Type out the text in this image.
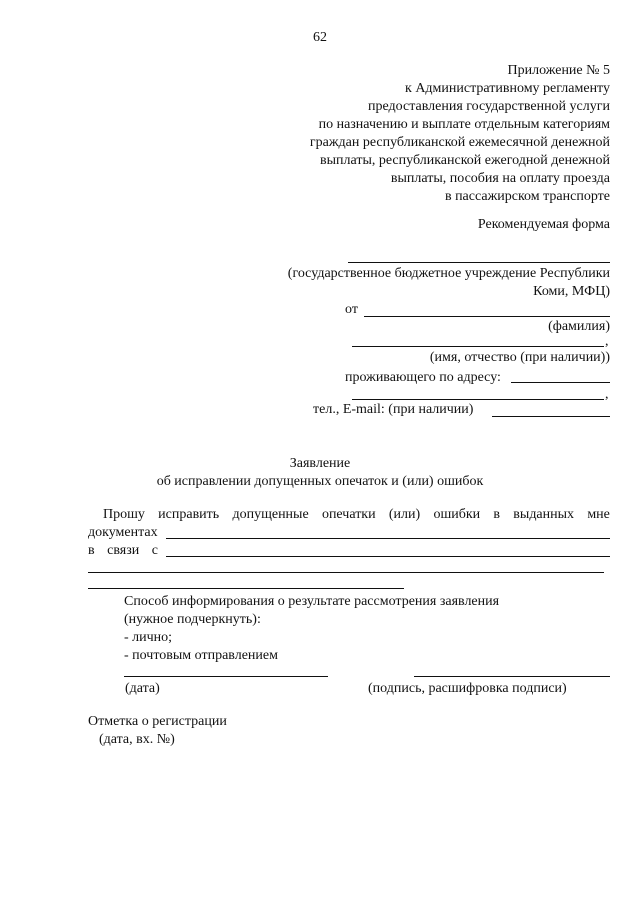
62
Приложение № 5
к Административному регламенту
предоставления государственной услуги
по назначению и выплате отдельным категориям
граждан республиканской ежемесячной денежной
выплаты, республиканской ежегодной денежной
выплаты, пособия на оплату проезда
в пассажирском транспорте
Рекомендуемая форма
(государственное бюджетное учреждение Республики
Коми, МФЦ)
от
(фамилия)
,
(имя, отчество (при наличии))
проживающего по адресу:
,
тел., E-mail: (при наличии)
Заявление
об исправлении допущенных опечаток и (или) ошибок
Прошу исправить допущенные опечатки (или) ошибки в выданных мне
документах
в связи с
Способ информирования о результате рассмотрения заявления
(нужное подчеркнуть):
- лично;
- почтовым отправлением
(дата)	(подпись, расшифровка подписи)
Отметка о регистрации
(дата, вх. №)
